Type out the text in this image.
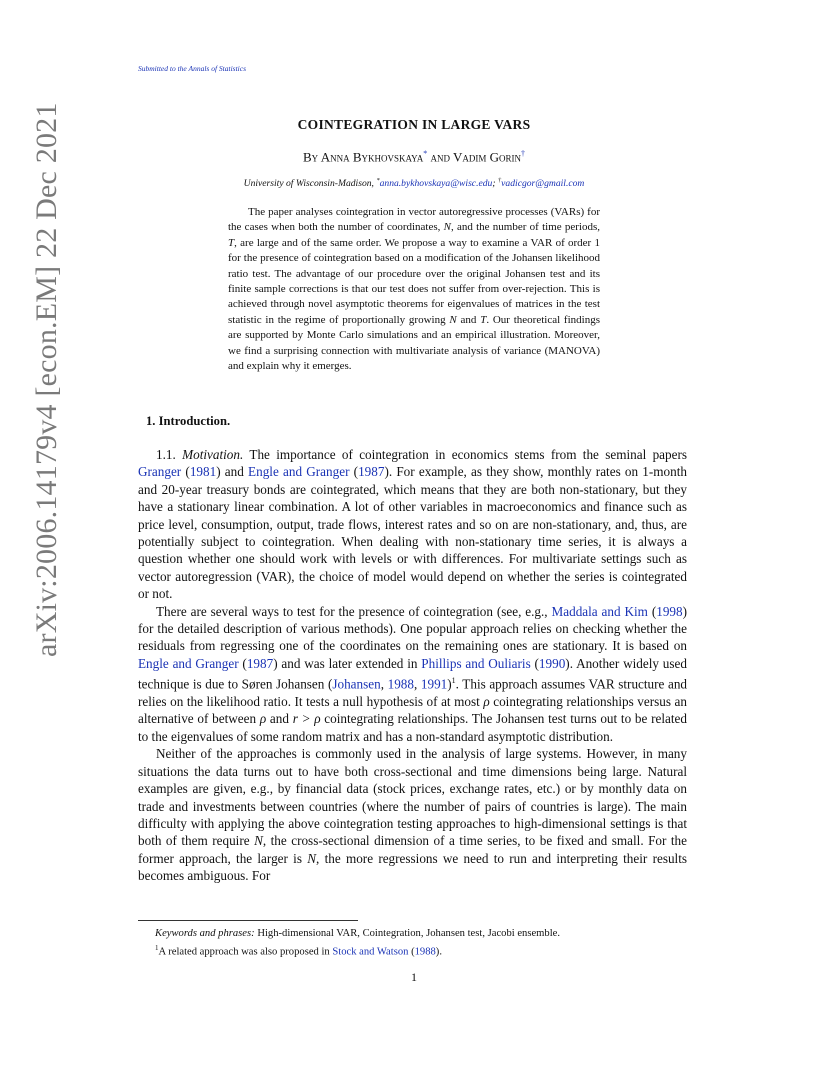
Submitted to the Annals of Statistics
arXiv:2006.14179v4 [econ.EM] 22 Dec 2021	COINTEGRATION IN LARGE VARS
By Anna Bykhovskaya* and Vadim Gorin†
University of Wisconsin-Madison, *anna.bykhovskaya@wisc.edu; †vadicgor@gmail.com
The paper analyses cointegration in vector autoregressive processes (VARs) for the cases when both the number of coordinates, N, and the number of time periods, T, are large and of the same order. We propose a way to examine a VAR of order 1 for the presence of cointegration based on a modification of the Johansen likelihood ratio test. The advantage of our procedure over the original Johansen test and its finite sample corrections is that our test does not suffer from over-rejection. This is achieved through novel asymptotic theorems for eigenvalues of matrices in the test statistic in the regime of proportionally growing N and T. Our theoretical findings are supported by Monte Carlo simulations and an empirical illustration. Moreover, we find a surprising connection with multivariate analysis of variance (MANOVA) and explain why it emerges.
1. Introduction.

1.1. Motivation. The importance of cointegration in economics stems from the seminal papers Granger (1981) and Engle and Granger (1987). For example, as they show, monthly rates on 1-month and 20-year treasury bonds are cointegrated, which means that they are both non-stationary, but they have a stationary linear combination. A lot of other variables in macroeconomics and finance such as price level, consumption, output, trade flows, interest rates and so on are non-stationary, and, thus, are potentially subject to cointegration. When dealing with non-stationary time series, it is always a question whether one should work with levels or with differences. For multivariate settings such as vector autoregression (VAR), the choice of model would depend on whether the series is cointegrated or not.

There are several ways to test for the presence of cointegration (see, e.g., Maddala and Kim (1998) for the detailed description of various methods). One popular approach relies on checking whether the residuals from regressing one of the coordinates on the remaining ones are stationary. It is based on Engle and Granger (1987) and was later extended in Phillips and Ouliaris (1990). Another widely used technique is due to Søren Johansen (Johansen, 1988, 1991)$^1$. This approach assumes VAR structure and relies on the likelihood ratio. It tests a null hypothesis of at most ρ cointegrating relationships versus an alternative of between ρ and r > ρ cointegrating relationships. The Johansen test turns out to be related to the eigenvalues of some random matrix and has a non-standard asymptotic distribution.

Neither of the approaches is commonly used in the analysis of large systems. However, in many situations the data turns out to have both cross-sectional and time dimensions being large. Natural examples are given, e.g., by financial data (stock prices, exchange rates, etc.) or by monthly data on trade and investments between countries (where the number of pairs of countries is large). The main difficulty with applying the above cointegration testing approaches to high-dimensional settings is that both of them require N, the cross-sectional dimension of a time series, to be fixed and small. For the former approach, the larger is N, the more regressions we need to run and interpreting their results becomes ambiguous. For

Keywords and phrases: High-dimensional VAR, Cointegration, Johansen test, Jacobi ensemble.
$^1$A related approach was also proposed in Stock and Watson (1988).
1
